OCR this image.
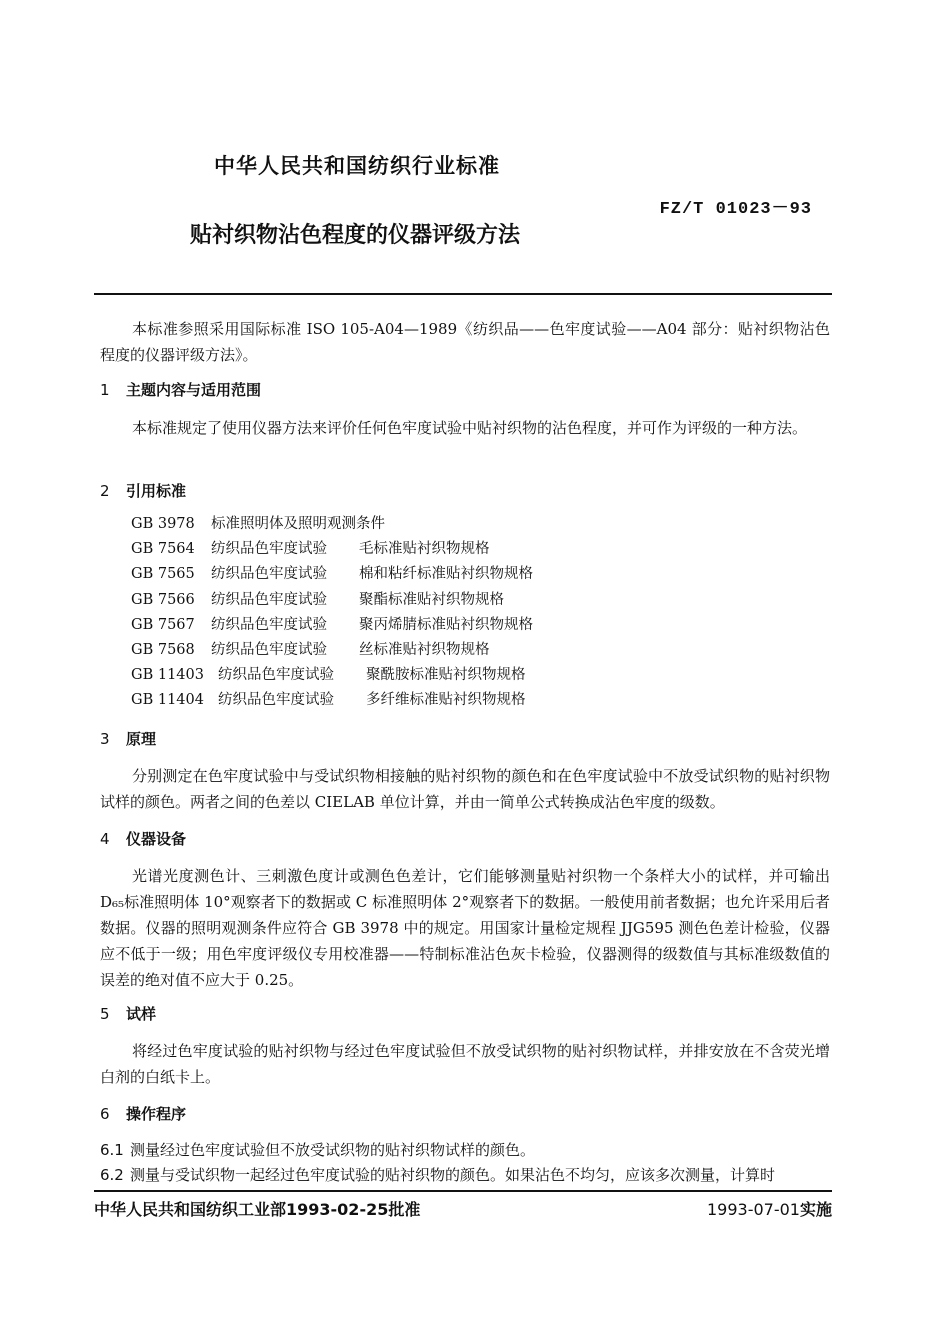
中华人民共和国纺织行业标准
FZ/T 01023－93
贴衬织物沾色程度的仪器评级方法
本标准参照采用国际标准 ISO 105-A04—1989《纺织品——色牢度试验——A04 部分：贴衬织物沾色程度的仪器评级方法》。
1 主题内容与适用范围
本标准规定了使用仪器方法来评价任何色牢度试验中贴衬织物的沾色程度，并可作为评级的一种方法。
2 引用标准
GB 3978 标准照明体及照明观测条件
GB 7564 纺织品色牢度试验 毛标准贴衬织物规格
GB 7565 纺织品色牢度试验 棉和粘纤标准贴衬织物规格
GB 7566 纺织品色牢度试验 聚酯标准贴衬织物规格
GB 7567 纺织品色牢度试验 聚丙烯腈标准贴衬织物规格
GB 7568 纺织品色牢度试验 丝标准贴衬织物规格
GB 11403 纺织品色牢度试验 聚酰胺标准贴衬织物规格
GB 11404 纺织品色牢度试验 多纤维标准贴衬织物规格
3 原理
分别测定在色牢度试验中与受试织物相接触的贴衬织物的颜色和在色牢度试验中不放受试织物的贴衬织物试样的颜色。两者之间的色差以 CIELAB 单位计算，并由一简单公式转换成沾色牢度的级数。
4 仪器设备
光谱光度测色计、三刺激色度计或测色色差计，它们能够测量贴衬织物一个条样大小的试样，并可输出 D₆₅标准照明体 10°观察者下的数据或 C 标准照明体 2°观察者下的数据。一般使用前者数据；也允许采用后者数据。仪器的照明观测条件应符合 GB 3978 中的规定。用国家计量检定规程 JJG595 测色色差计检验，仪器应不低于一级；用色牢度评级仪专用校准器——特制标准沾色灰卡检验，仪器测得的级数值与其标准级数值的误差的绝对值不应大于 0.25。
5 试样
将经过色牢度试验的贴衬织物与经过色牢度试验但不放受试织物的贴衬织物试样，并排安放在不含荧光增白剂的白纸卡上。
6 操作程序
6.1 测量经过色牢度试验但不放受试织物的贴衬织物试样的颜色。
6.2 测量与受试织物一起经过色牢度试验的贴衬织物的颜色。如果沾色不均匀，应该多次测量，计算时
中华人民共和国纺织工业部1993-02-25批准	1993-07-01实施
